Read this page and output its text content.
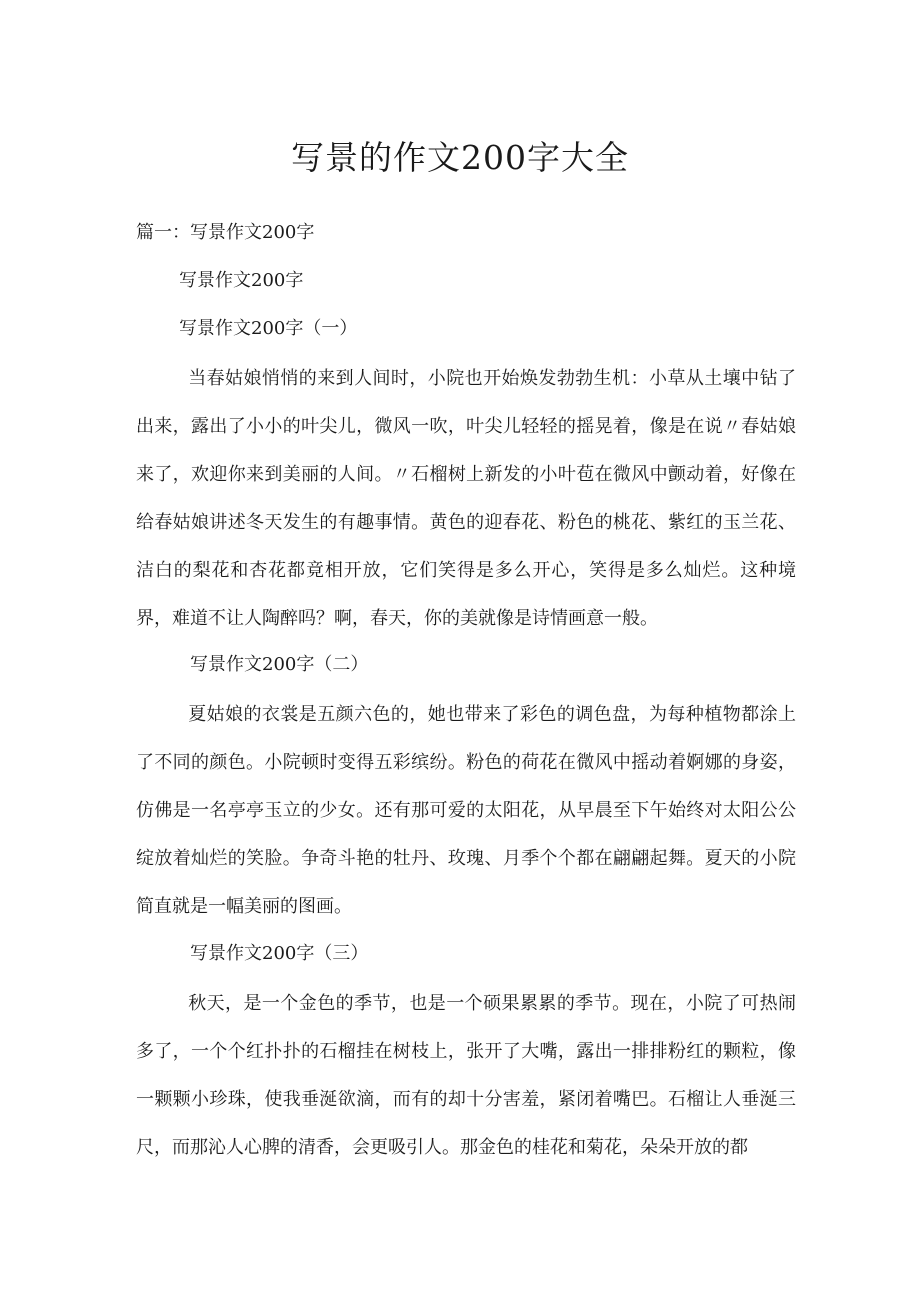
写景的作文200字大全

篇一：写景作文200字

写景作文200字

写景作文200字（一）

当春姑娘悄悄的来到人间时，小院也开始焕发勃勃生机：小草从土壤中钻了出来，露出了小小的叶尖儿，微风一吹，叶尖儿轻轻的摇晃着，像是在说〃春姑娘来了，欢迎你来到美丽的人间。〃石榴树上新发的小叶苞在微风中颤动着，好像在给春姑娘讲述冬天发生的有趣事情。黄色的迎春花、粉色的桃花、紫红的玉兰花、洁白的梨花和杏花都竟相开放，它们笑得是多么开心，笑得是多么灿烂。这种境界，难道不让人陶醉吗？啊，春天，你的美就像是诗情画意一般。

写景作文200字（二）

夏姑娘的衣裳是五颜六色的，她也带来了彩色的调色盘，为每种植物都涂上了不同的颜色。小院顿时变得五彩缤纷。粉色的荷花在微风中摇动着婀娜的身姿，仿佛是一名亭亭玉立的少女。还有那可爱的太阳花，从早晨至下午始终对太阳公公绽放着灿烂的笑脸。争奇斗艳的牡丹、玫瑰、月季个个都在翩翩起舞。夏天的小院简直就是一幅美丽的图画。

写景作文200字（三）

秋天，是一个金色的季节，也是一个硕果累累的季节。现在，小院了可热闹多了，一个个红扑扑的石榴挂在树枝上，张开了大嘴，露出一排排粉红的颗粒，像一颗颗小珍珠，使我垂涎欲滴，而有的却十分害羞，紧闭着嘴巴。石榴让人垂涎三尺，而那沁人心脾的清香，会更吸引人。那金色的桂花和菊花，朵朵开放的都
